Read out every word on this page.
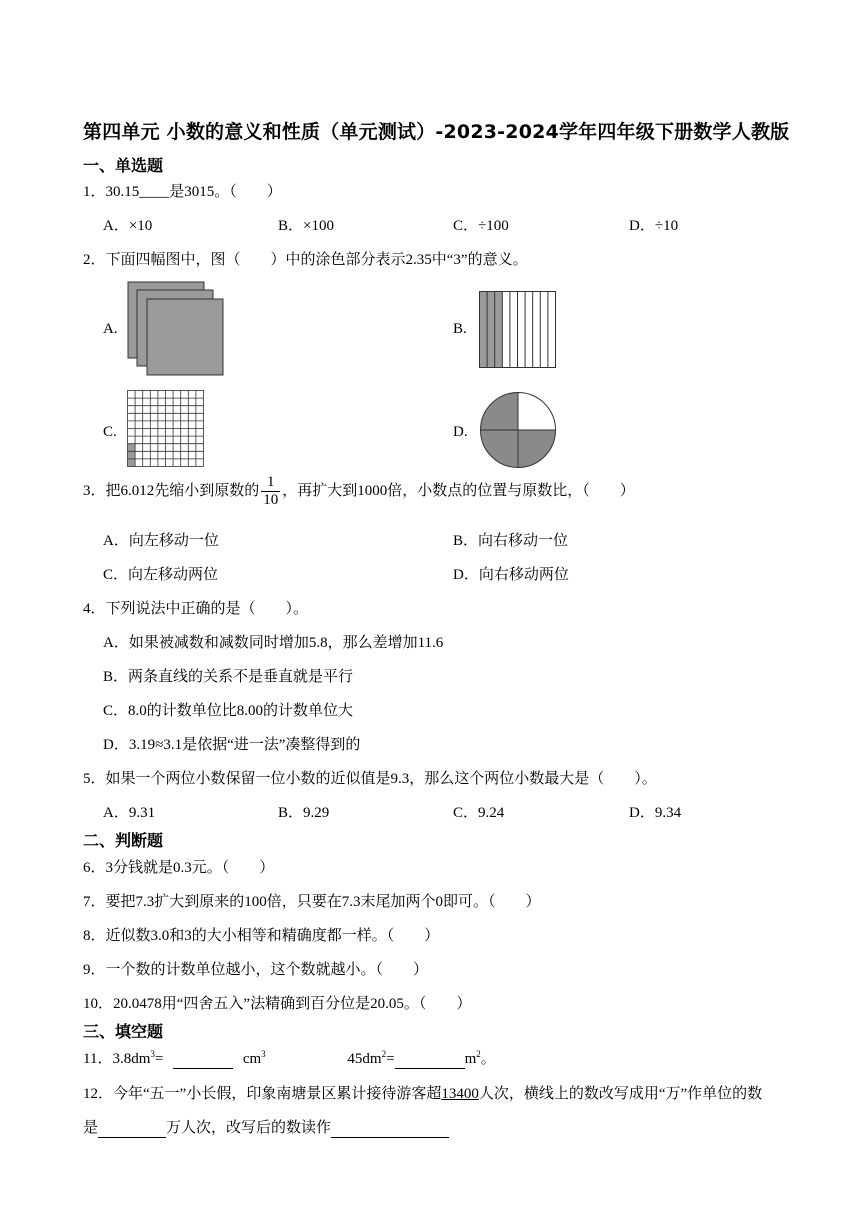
第四单元 小数的意义和性质（单元测试）-2023-2024学年四年级下册数学人教版
一、单选题
1．30.15____是3015。（　　）
A．×10	B．×100	C．÷100	D．÷10
2．下面四幅图中，图（　　）中的涂色部分表示2.35中“3”的意义。
A.	B.
C.	D.
3．把6.012先缩小到原数的 $\frac{1}{10}$ ，再扩大到1000倍，小数点的位置与原数比，（　　）
A．向左移动一位	B．向右移动一位
C．向左移动两位	D．向右移动两位
4．下列说法中正确的是（　　）。
A．如果被减数和减数同时增加5.8，那么差增加11.6
B．两条直线的关系不是垂直就是平行
C．8.0的计数单位比8.00的计数单位大
D．3.19≈3.1是依据“进一法”凑整得到的
5．如果一个两位小数保留一位小数的近似值是9.3，那么这个两位小数最大是（　　）。
A．9.31	B．9.29	C．9.24	D．9.34
二、判断题
6．3分钱就是0.3元。（　　）
7．要把7.3扩大到原来的100倍，只要在7.3末尾加两个0即可。（　　）
8．近似数3.0和3的大小相等和精确度都一样。（　　）
9．一个数的计数单位越小，这个数就越小。（　　）
10．20.0478用“四舍五入”法精确到百分位是20.05。（　　）
三、填空题
11．$3.8dm^3=$	$cm^3$	$45dm^2=$	$m^2$。
12．今年“五一”小长假，印象南塘景区累计接待游客超13400人次，横线上的数改写成用“万”作单位的数
是	万人次，改写后的数读作
